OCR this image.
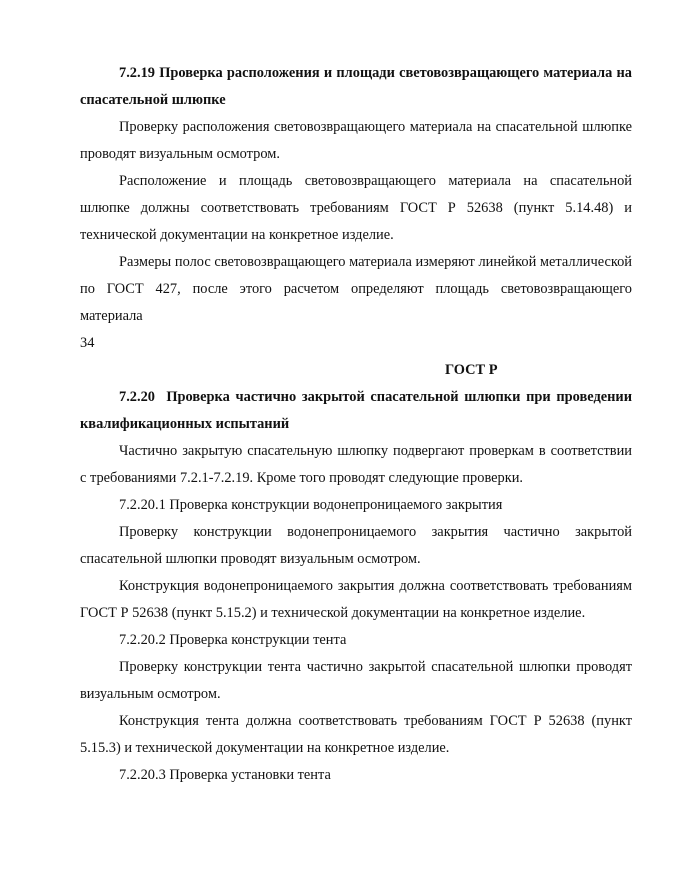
7.2.19 Проверка расположения и площади световозвращающего материала на спасательной шлюпке

Проверку расположения световозвращающего материала на спасательной шлюпке проводят визуальным осмотром.

Расположение и площадь световозвращающего материала на спасательной шлюпке должны соответствовать требованиям ГОСТ Р 52638 (пункт 5.14.48) и технической документации на конкретное изделие.

Размеры полос световозвращающего материала измеряют линейкой металлической по ГОСТ 427, после этого расчетом определяют площадь световозвращающего материала

34

ГОСТ Р

7.2.20 Проверка частично закрытой спасательной шлюпки при проведении квалификационных испытаний

Частично закрытую спасательную шлюпку подвергают проверкам в соответствии с требованиями 7.2.1-7.2.19. Кроме того проводят следующие проверки.

7.2.20.1 Проверка конструкции водонепроницаемого закрытия

Проверку конструкции водонепроницаемого закрытия частично закрытой спасательной шлюпки проводят визуальным осмотром.

Конструкция водонепроницаемого закрытия должна соответствовать требованиям ГОСТ Р 52638 (пункт 5.15.2) и технической документации на конкретное изделие.

7.2.20.2 Проверка конструкции тента

Проверку конструкции тента частично закрытой спасательной шлюпки проводят визуальным осмотром.

Конструкция тента должна соответствовать требованиям ГОСТ Р 52638 (пункт 5.15.3) и технической документации на конкретное изделие.

7.2.20.3 Проверка установки тента
